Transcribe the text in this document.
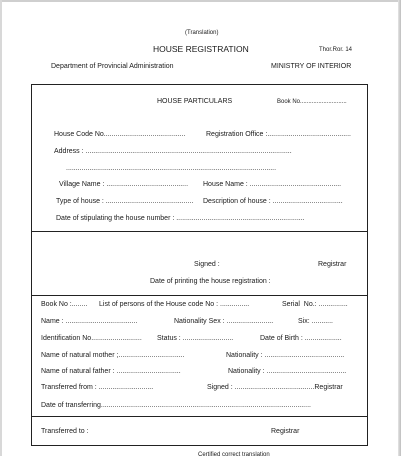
(Translation)
HOUSE REGISTRATION	Thor.Ror. 14
Department of Provincial Administration	MINISTRY OF INTERIOR
HOUSE PARTICULARS	Book No............................
House Code No..........................................	Registration Office :...........................................
Address : ..........................................................................................................
............................................................................................................
Village Name : .......................................... House Name : ...............................................
Type of house : ............................................. Description of house : ....................................
Date of stipulating the house number : ..................................................................
Signed :	Registrar
Date of printing the house registration :
Book No :........ List of persons of the House code No : ...............	Serial  No.: ...............
Name : .....................................	Nationality Sex : ........................	Six: ...........
Identification No.......................... Status : ..........................	Date of Birth : ...................
Name of natural mother ;..................................	Nationality : .........................................
Name of natural father : .................................	Nationality : .........................................
Transferred from : ............................	Signed : .........................................Registrar
Date of transferring............................................................................................................
Transferred to :	Registrar
Certified correct translation
